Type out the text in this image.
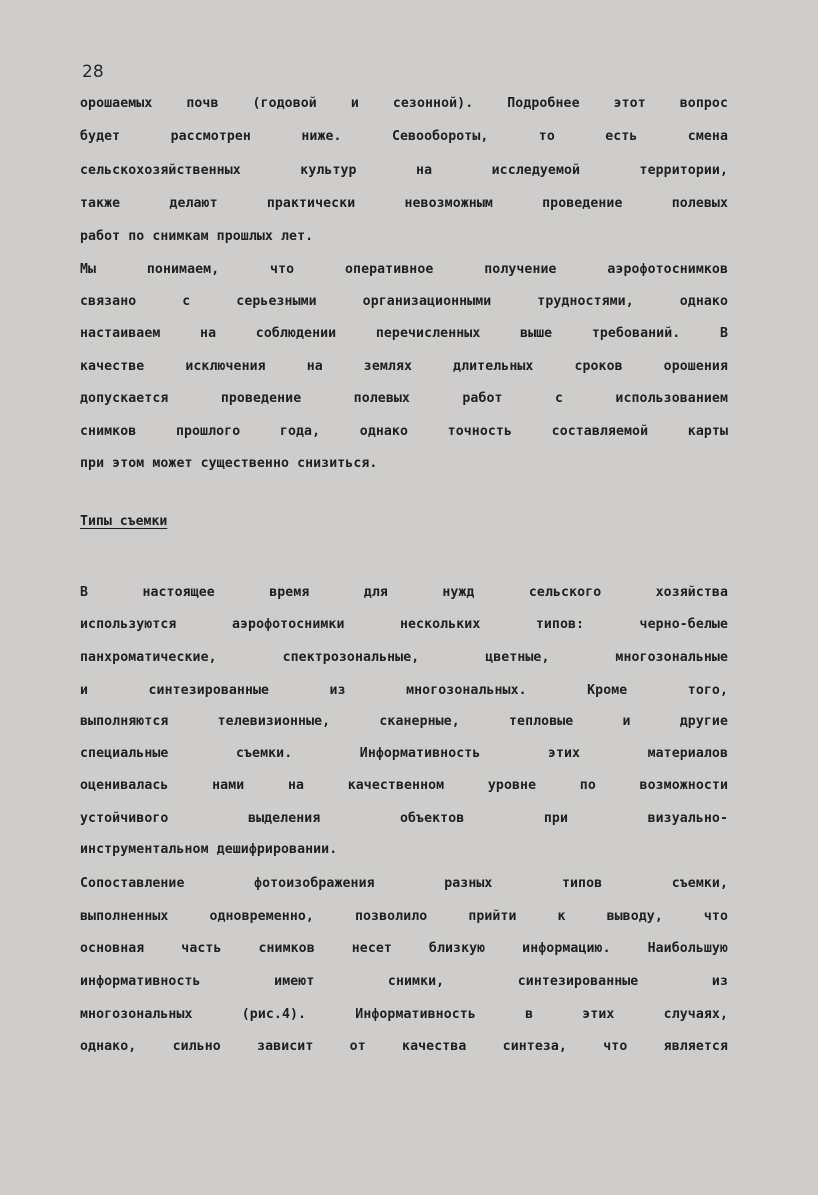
28
орошаемых почв (годовой и сезонной). Подробнее этот вопрос
будет рассмотрен ниже. Севообороты, то есть смена
сельскохозяйственных культур на исследуемой территории,
также делают практически невозможным проведение полевых
работ по снимкам прошлых лет.
Мы понимаем, что оперативное получение аэрофотоснимков
связано с серьезными организационными трудностями, однако
настаиваем на соблюдении перечисленных выше требований. В
качестве исключения на землях длительных сроков орошения
допускается проведение полевых работ с использованием
снимков прошлого года, однако точность составляемой карты
при этом может существенно снизиться.
Типы съемки
В настоящее время для нужд сельского хозяйства
используются аэрофотоснимки нескольких типов: черно-белые
панхроматические, спектрозональные, цветные, многозональные
и синтезированные из многозональных. Кроме того,
выполняются телевизионные, сканерные, тепловые и другие
специальные съемки. Информативность этих материалов
оценивалась нами на качественном уровне по возможности
устойчивого выделения объектов при визуально-
инструментальном дешифрировании.
Сопоставление фотоизображения разных типов съемки,
выполненных одновременно, позволило прийти к выводу, что
основная часть снимков несет близкую информацию. Наибольшую
информативность имеют снимки, синтезированные из
многозональных (рис.4). Информативность в этих случаях,
однако, сильно зависит от качества синтеза, что является
